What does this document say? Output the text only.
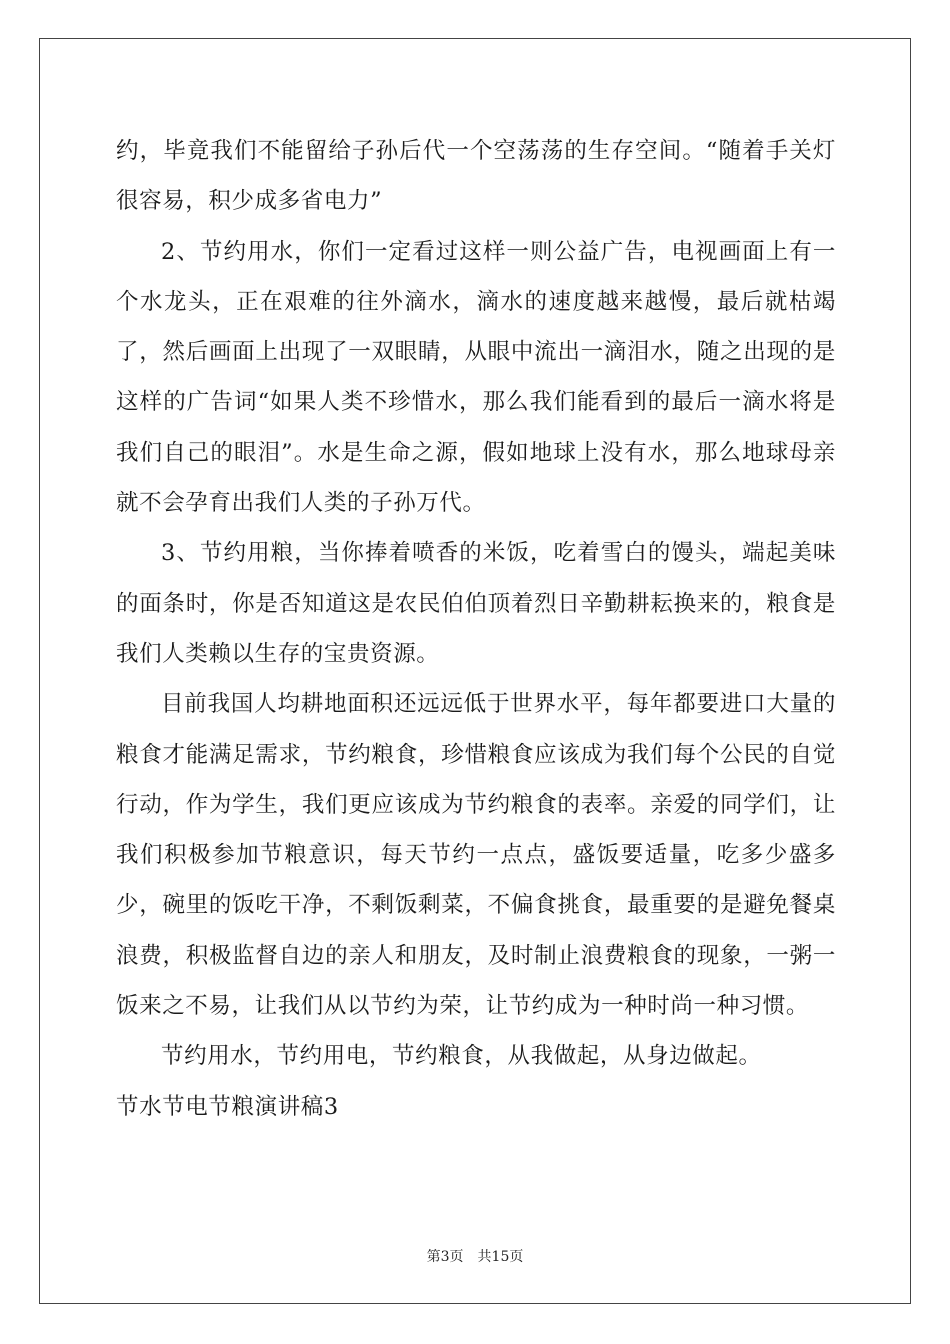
约，毕竟我们不能留给子孙后代一个空荡荡的生存空间。“随着手关灯很容易，积少成多省电力”

2、节约用水，你们一定看过这样一则公益广告，电视画面上有一个水龙头，正在艰难的往外滴水，滴水的速度越来越慢，最后就枯竭了，然后画面上出现了一双眼睛，从眼中流出一滴泪水，随之出现的是这样的广告词“如果人类不珍惜水，那么我们能看到的最后一滴水将是我们自己的眼泪”。水是生命之源，假如地球上没有水，那么地球母亲就不会孕育出我们人类的子孙万代。

3、节约用粮，当你捧着喷香的米饭，吃着雪白的馒头，端起美味的面条时，你是否知道这是农民伯伯顶着烈日辛勤耕耘换来的，粮食是我们人类赖以生存的宝贵资源。

目前我国人均耕地面积还远远低于世界水平，每年都要进口大量的粮食才能满足需求，节约粮食，珍惜粮食应该成为我们每个公民的自觉行动，作为学生，我们更应该成为节约粮食的表率。亲爱的同学们，让我们积极参加节粮意识，每天节约一点点，盛饭要适量，吃多少盛多少，碗里的饭吃干净，不剩饭剩菜，不偏食挑食，最重要的是避免餐桌浪费，积极监督自边的亲人和朋友，及时制止浪费粮食的现象，一粥一饭来之不易，让我们从以节约为荣，让节约成为一种时尚一种习惯。

节约用水，节约用电，节约粮食，从我做起，从身边做起。

节水节电节粮演讲稿3

第3页 共15页
